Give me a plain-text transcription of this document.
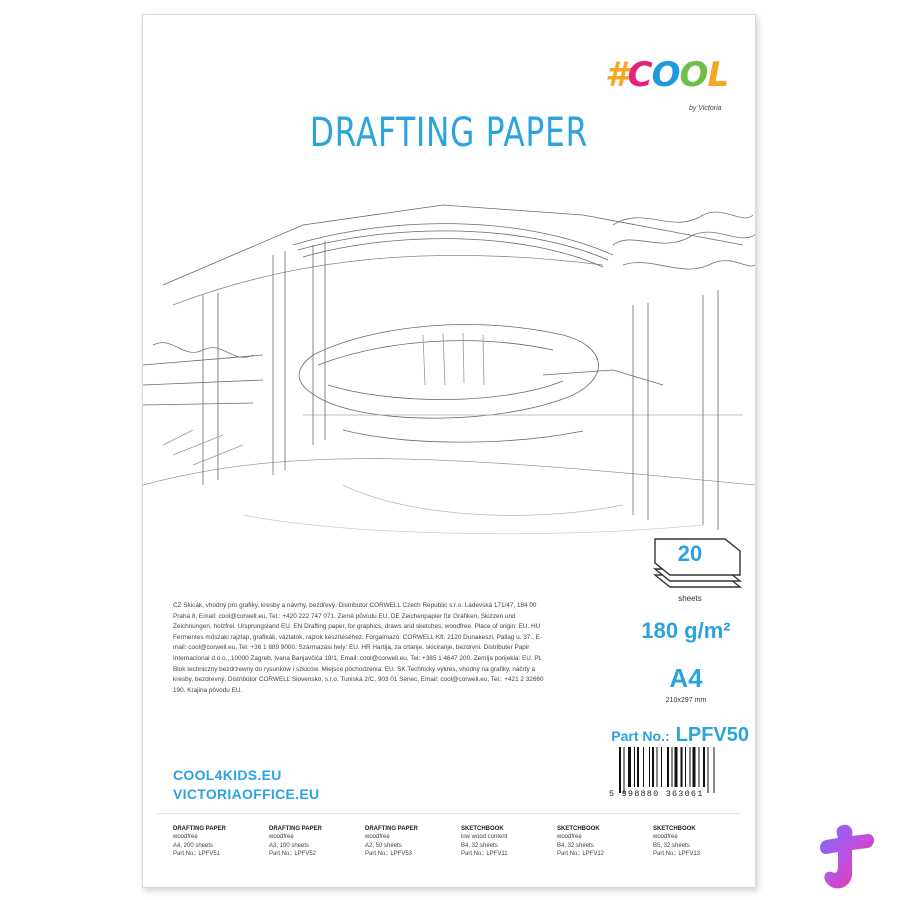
#COOL
by Victoria
DRAFTING PAPER
20
sheets
180 g/m²
A4
210x297 mm
Part No.: LPFV50
CZ Skicák, vhodný pro grafiky, kresby a návrhy, bezdřevý. Distributor CORWELL Czech Republic s.r.o. Ládevská 171/47, 184 00 Praha 8, Email: cool@corwell.eu, Tel.: +420 222 747 071. Země původu EU. DE Zeichenpapier für Grafiken, Skizzen und Zeichnungen, holzfrei. Ursprungsland EU. EN Drafting paper, for graphics, draws and sketches, woodfree. Place of origin: EU. HU Fermentes műszaki rajzlap, grafikák, vázlatok, rajzok készítéséhez. Forgalmazó: CORWELL Kft. 2120 Dunakeszi, Pallag u. 37., E-mail: cool@corwell.eu, Tel: +36 1 889 9000. Származási hely: EU. HR Hartija, za crtanje, skiciranje, bezdrvni. Distributer Papir Internacional d.o.o., 10000 Zagreb, Ivana Banjavčića 18/1, Email: cool@corwell.eu, Tel: +385 1 4647 200. Zemlja porijekla: EU. PL Blok techniczny bezdrzewny do rysunków i szkiców. Miejsce pochodzenia: EU. SK Technický výkres, vhodný na grafiky, náčrty a kresby, bezdrevný. Distribútor CORWELL Slovensko, s.r.o. Tuniská 2/C, 903 01 Senec, Email: cool@corwell.eu, Tel.: +421 2 32660 190. Krajina pôvodu EU.
COOL4KIDS.EU
VICTORIAOFFICE.EU	5 998880 363061
DRAFTING PAPER
woodfree
A4, 200 sheets
Part No.: LPFV51
DRAFTING PAPER
woodfree
A3, 100 sheets
Part No.: LPFV52
DRAFTING PAPER
woodfree
A2, 50 sheets
Part No.: LPFV53
SKETCHBOOK
low wood content
B4, 32 sheets
Part No.: LPFV11
SKETCHBOOK
woodfree
B4, 32 sheets
Part No.: LPFV12
SKETCHBOOK
woodfree
B5, 32 sheets
Part No.: LPFV13
